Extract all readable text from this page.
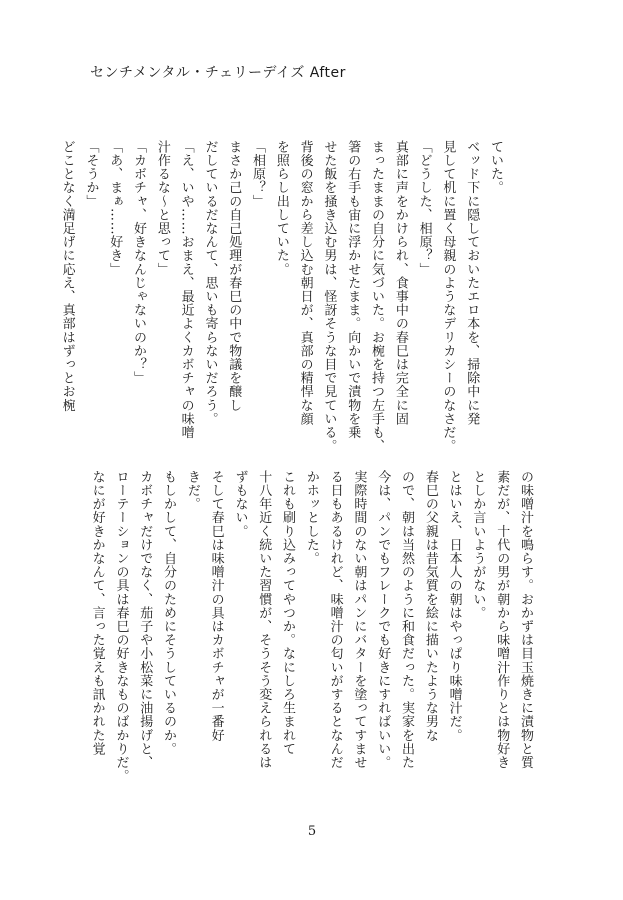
センチメンタル・チェリーデイズ After
ていた。
ベッド下に隠しておいたエロ本を、掃除中に発
見して机に置く母親のようなデリカシーのなさだ。
「どうした、相原？」
真部に声をかけられ、食事中の春巳は完全に固
まったままの自分に気づいた。お椀を持つ左手も、
箸の右手も宙に浮かせたまま。向かいで漬物を乗
せた飯を掻き込む男は、怪訝そうな目で見ている。
背後の窓から差し込む朝日が、真部の精悍な顔
を照らし出していた。
「相原？」
まさか己の自己処理が春巳の中で物議を醸し
だしているだなんて、思いも寄らないだろう。
「え、いや……おまえ、最近よくカボチャの味噌
汁作るな～と思って」
「カボチャ、好きなんじゃないのか？」
「あ、まぁ……好き」
「そうか」
どことなく満足げに応え、真部はずっとお椀
の味噌汁を鳴らす。おかずは目玉焼きに漬物と質
素だが、十代の男が朝から味噌汁作りとは物好き
としか言いようがない。
とはいえ、日本人の朝はやっぱり味噌汁だ。
春巳の父親は昔気質を絵に描いたような男な
ので、朝は当然のように和食だった。実家を出た
今は、パンでもフレークでも好きにすればいい。
実際時間のない朝はパンにバターを塗ってすませ
る日もあるけれど、味噌汁の匂いがするとなんだ
かホッとした。
これも刷り込みってやつか。なにしろ生まれて
十八年近く続いた習慣が、そうそう変えられるは
ずもない。
そして春巳は味噌汁の具はカボチャが一番好
きだ。
もしかして、自分のためにそうしているのか。
カボチャだけでなく、茄子や小松菜に油揚げと、
ローテーションの具は春巳の好きなものばかりだ。
なにが好きかなんて、言った覚えも訊かれた覚
5
